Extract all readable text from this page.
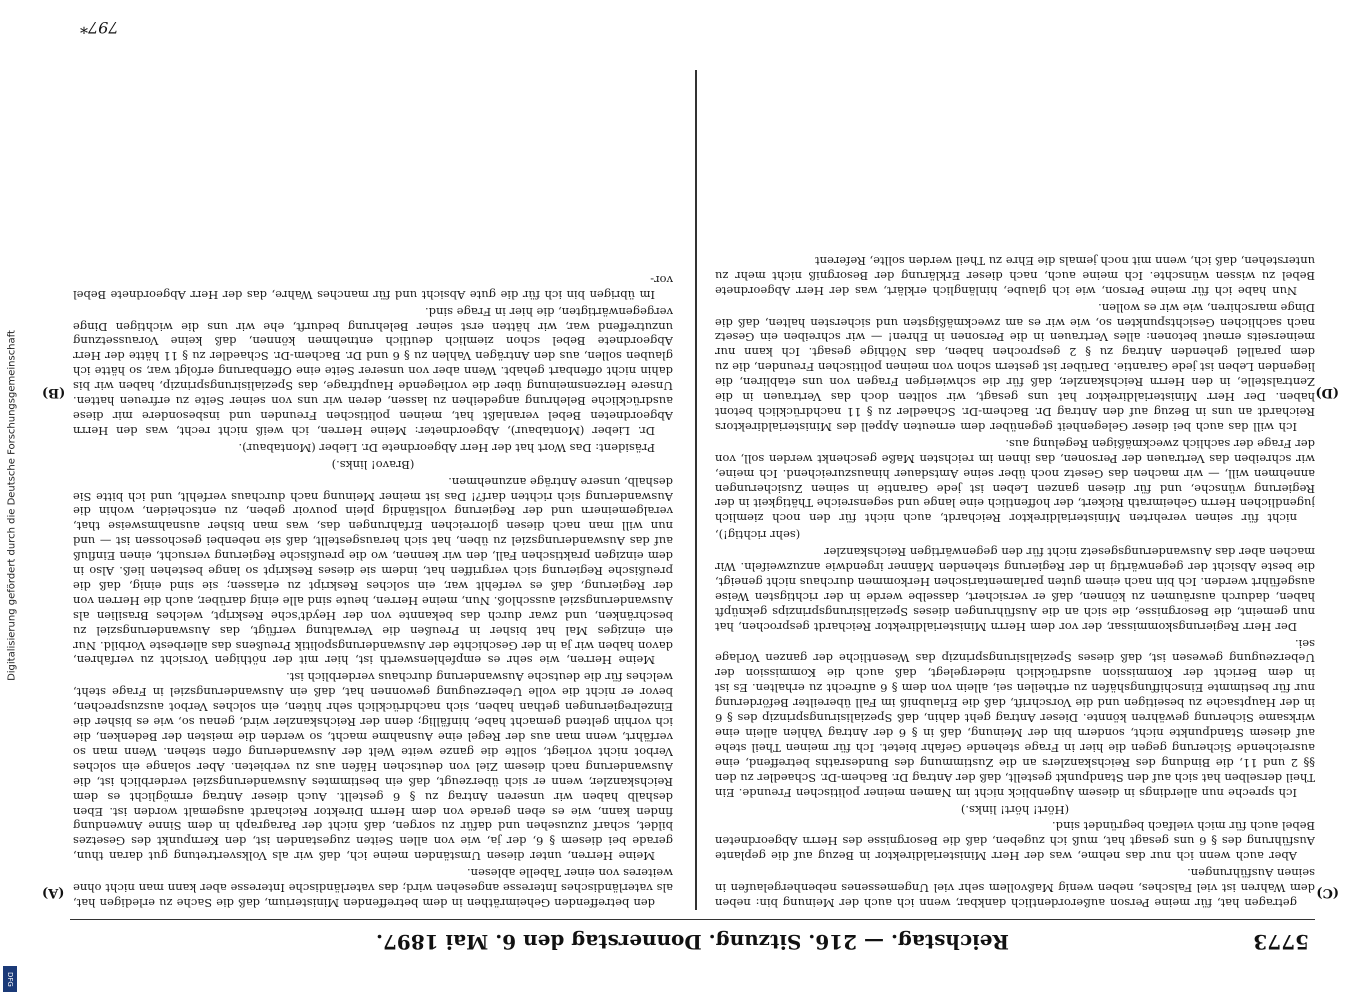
Digitalisierung gefördert durch die Deutsche Forschungsgemeinschaft
DFG
5773
Reichstag. — 216. Sitzung. Donnerstag den 6. Mai 1897.

getragen hat, für meine Person außerordentlich dankbar, wenn ich auch der Meinung bin: neben dem Wahren ist viel Falsches, neben wenig Maßvollem sehr viel Ungemessenes nebenhergelaufen in seinen Ausführungen.

Aber auch wenn ich nur das nehme, was der Herr Ministerialdirektor in Bezug auf die geplante Ausführung des § 6 uns gesagt hat, muß ich zugeben, daß die Besorgnisse des Herrn Abgeordneten Bebel auch für mich vielfach begründet sind.

(Hört! hört! links.)

Ich spreche nun allerdings in diesem Augenblick nicht im Namen meiner politischen Freunde. Ein Theil derselben hat sich auf den Standpunkt gestellt, daß der Antrag Dr. Bachem-Dr. Schaedler zu den §§ 2 und 11, die Bindung des Reichskanzlers an die Zustimmung des Bundesraths betreffend, eine ausreichende Sicherung gegen die hier in Frage stehende Gefahr bietet. Ich für meinen Theil stehe auf diesem Standpunkte nicht, sondern bin der Meinung, daß in § 6 der Antrag Vahlen allein eine wirksame Sicherung gewähren könnte. Dieser Antrag geht dahin, daß Spezialisirungsprinzip des § 6 in der Hauptsache zu beseitigen und die Vorschrift, daß die Erlaubniß im Fall übereilter Beförderung nur für bestimmte Einschiffungshäfen zu ertheilen sei, allein von dem § 6 aufrecht zu erhalten. Es ist in dem Bericht der Kommission ausdrücklich niedergelegt, daß auch die Kommission der Ueberzeugung gewesen ist, daß dieses Spezialisirungsprinzip das Wesentliche der ganzen Vorlage sei.

Der Herr Regierungskommissar, der vor dem Herrn Ministerialdirektor Reichardt gesprochen, hat nun gemeint, die Besorgnisse, die sich an die Ausführungen dieses Spezialisirungsprinzips geknüpft haben, dadurch ausräumen zu können, daß er versichert, dasselbe werde in der richtigsten Weise ausgeführt werden. Ich bin nach einem guten parlamentarischen Herkommen durchaus nicht geneigt, die beste Absicht der gegenwärtig in der Regierung stehenden Männer irgendwie anzuzweifeln. Wir machen aber das Auswanderungsgesetz nicht für den gegenwärtigen Reichskanzler

(sehr richtig!),

nicht für seinen verehrten Ministerialdirektor Reichardt, auch nicht für den noch ziemlich jugendlichen Herrn Geheimrath Rickert, der hoffentlich eine lange und segensreiche Thätigkeit in der Regierung wünsche, und für diesen ganzen Leben ist jede Garantie in seinen Zusicherungen annehmen will, — wir machen das Gesetz noch über seine Amtsdauer hinauszureichend. Ich meine, wir schreiben das Vertrauen der Personen, das ihnen im reichsten Maße geschenkt werden soll, von der Frage der sachlich zweckmäßigen Regelung aus.

Ich will das auch bei dieser Gelegenheit gegenüber dem erneuten Appell des Ministerialdirektors Reichardt an uns in Bezug auf den Antrag Dr. Bachem-Dr. Schaedler zu § 11 nachdrücklich betont haben. Der Herr Ministerialdirektor hat uns gesagt, wir sollten doch das Vertrauen in die Zentralstelle, in den Herrn Reichskanzler, daß für die schwierigen Fragen von uns etabliren, die liegenden Leben ist jede Garantie. Darüber ist gestern schon von meinen politischen Freunden, die zu dem parallel gehenden Antrag zu § 2 gesprochen haben, das Nöthige gesagt. Ich kann nur meinerseits erneut betonen: alles Vertrauen in die Personen in Ehren! — wir schreiben ein Gesetz nach sachlichen Gesichtspunkten so, wie wir es am zweckmäßigsten und sichersten halten, daß die Dinge marschiren, wie wir es wollen.

Nun habe ich für meine Person, wie ich glaube, hinlänglich erklärt, was der Herr Abgeordnete Bebel zu wissen wünschte. Ich meine auch, nach dieser Erklärung der Besorgniß nicht mehr zu unterstehen, daß ich, wenn mit noch jemals die Ehre zu Theil werden sollte, Referent

den betreffenden Geheimräthen in dem betreffenden Ministerium, daß die Sache zu erledigen hat, als vaterländisches Interesse angesehen wird; das vaterländische Interesse aber kann man nicht ohne weiteres von einer Tabelle ablesen.

Meine Herren, unter diesen Umständen meine ich, daß wir als Volksvertretung gut daran thun, gerade bei diesem § 6, der ja, wie von allen Seiten zugestanden ist, den Kernpunkt des Gesetzes bildet, scharf zuzusehen und dafür zu sorgen, daß nicht der Paragraph in dem Sinne Anwendung finden kann, wie es eben gerade von dem Herrn Direktor Reichardt ausgemalt worden ist. Eben deshalb haben wir unseren Antrag zu § 6 gestellt. Auch dieser Antrag ermöglicht es dem Reichskanzler, wenn er sich überzeugt, daß ein bestimmtes Auswanderungsziel verderblich ist, die Auswanderung nach diesem Ziel von deutschen Häfen aus zu verbieten. Aber solange ein solches Verbot nicht vorliegt, sollte die ganze weite Welt der Auswanderung offen stehen. Wenn man so verfährt, wenn man aus der Regel eine Ausnahme macht, so werden die meisten der Bedenken, die ich vorhin geltend gemacht habe, hinfällig; denn der Reichskanzler wird, genau so, wie es bisher die Einzelregierungen gethan haben, sich nachdrücklich sehr hüten, ein solches Verbot auszusprechen, bevor er nicht die volle Ueberzeugung gewonnen hat, daß ein Auswanderungsziel in Frage steht, welches für die deutsche Auswanderung durchaus verderblich ist.

Meine Herren, wie sehr es empfehlenswerth ist, hier mit der nöthigen Vorsicht zu verfahren, davon haben wir ja in der Geschichte der Auswanderungspolitik Preußens das allerbeste Vorbild. Nur ein einziges Mal hat bisher in Preußen die Verwaltung verfügt, das Auswanderungsziel zu beschränken, und zwar durch das bekannte von der Heydt'sche Reskript, welches Brasilien als Auswanderungsziel ausschloß. Nun, meine Herren, heute sind alle einig darüber, auch die Herren von der Regierung, daß es verfehlt war, ein solches Reskript zu erlassen; sie sind einig, daß die preußische Regierung sich vergriffen hat, indem sie dieses Reskript so lange bestehen ließ. Also in dem einzigen praktischen Fall, den wir kennen, wo die preußische Regierung versucht, einen Einfluß auf das Auswanderungsziel zu üben, hat sich herausgestellt, daß sie nebenbei geschossen ist — und nun will man nach diesen glorreichen Erfahrungen das, was man bisher ausnahmsweise that, veralgemeinern und der Regierung vollständig plein pouvoir geben, zu entscheiden, wohin die Auswanderung sich richten darf?! Das ist meiner Meinung nach durchaus verfehlt, und ich bitte Sie deshalb, unsere Anträge anzunehmen.

(Bravo! links.)

Präsident: Das Wort hat der Herr Abgeordnete Dr. Lieber (Montabaur).

Dr. Lieber (Montabaur), Abgeordneter: Meine Herren, ich weiß nicht recht, was den Herrn Abgeordneten Bebel veranlaßt hat, meinen politischen Freunden und insbesondere mir diese ausdrückliche Belehrung angedeihen zu lassen, deren wir uns von seiner Seite zu erfreuen hatten. Unsere Herzensmeinung über die vorliegende Hauptfrage, das Spezialisirungsprinzip, haben wir bis dahin nicht offenbart gehabt. Wenn aber von unserer Seite eine Offenbarung erfolgt war, so hätte ich glauben sollen, aus den Anträgen Vahlen zu § 6 und Dr. Bachem-Dr. Schaedler zu § 11 hätte der Herr Abgeordnete Bebel schon ziemlich deutlich entnehmen können, daß keine Voraussetzung unzutreffend war, wir hätten erst seiner Belehrung bedurft, ehe wir uns die wichtigen Dinge vergegenwärtigten, die hier in Frage sind.

Im übrigen bin ich für die gute Absicht und für manches Wahre, das der Herr Abgeordnete Bebel vor-

(C)
(D)
(A)
(B)
797*
